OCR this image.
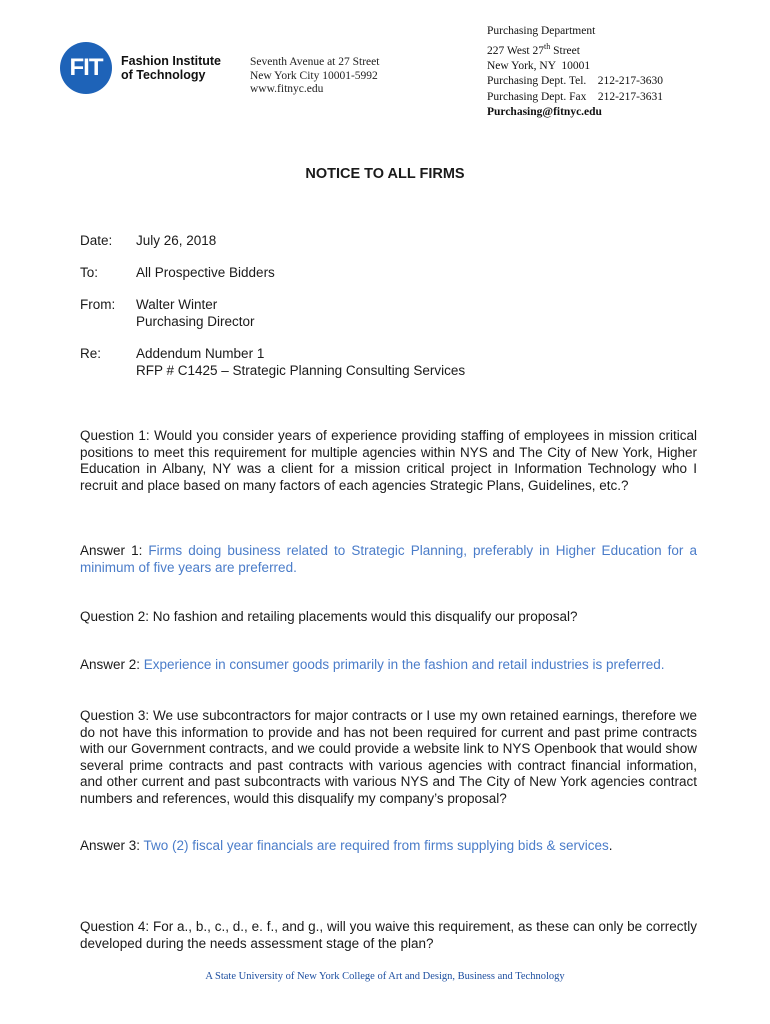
FIT	Fashion Institute
of Technology
Seventh Avenue at 27 Street
New York City 10001-5992
www.fitnyc.edu
Purchasing Department
227 West 27th Street
New York, NY  10001
Purchasing Dept. Tel. 212-217-3630
Purchasing Dept. Fax 212-217-3631
Purchasing@fitnyc.edu
NOTICE TO ALL FIRMS
Date:	July 26, 2018
To:	All Prospective Bidders
From:	Walter Winter
Purchasing Director
Re:	Addendum Number 1
RFP # C1425 – Strategic Planning Consulting Services
Question 1: Would you consider years of experience providing staffing of employees in mission critical positions to meet this requirement for multiple agencies within NYS and The City of New York, Higher Education in Albany, NY was a client for a mission critical project in Information Technology who I recruit and place based on many factors of each agencies Strategic Plans, Guidelines, etc.?
Answer 1: Firms doing business related to Strategic Planning, preferably in Higher Education for a minimum of five years are preferred.
Question 2: No fashion and retailing placements would this disqualify our proposal?
Answer 2: Experience in consumer goods primarily in the fashion and retail industries is preferred.
Question 3: We use subcontractors for major contracts or I use my own retained earnings, therefore we do not have this information to provide and has not been required for current and past prime contracts with our Government contracts, and we could provide a website link to NYS Openbook that would show several prime contracts and past contracts with various agencies with contract financial information, and other current and past subcontracts with various NYS and The City of New York agencies contract numbers and references, would this disqualify my company’s proposal?
Answer 3: Two (2) fiscal year financials are required from firms supplying bids & services.
Question 4: For a., b., c., d., e. f., and g., will you waive this requirement, as these can only be correctly developed during the needs assessment stage of the plan?
A State University of New York College of Art and Design, Business and Technology
